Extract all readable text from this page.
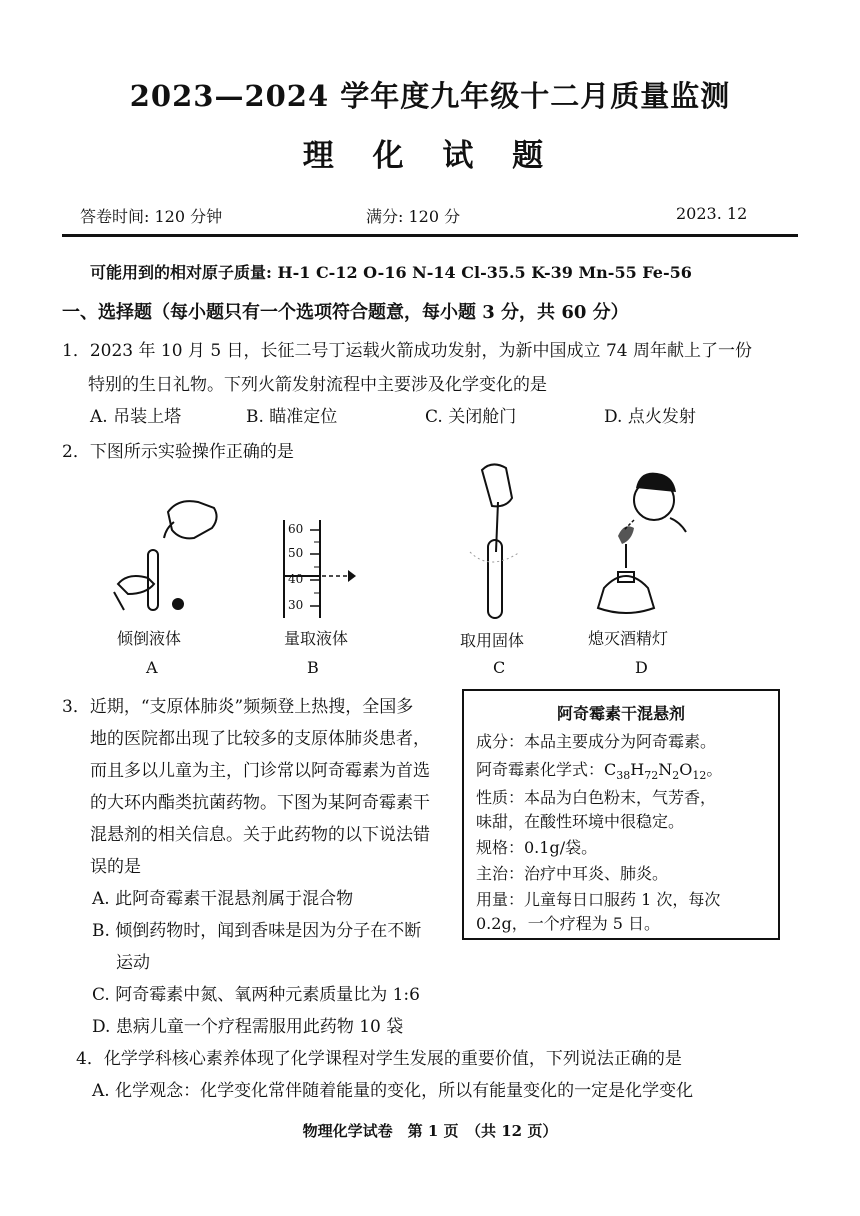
2023—2024 学年度九年级十二月质量监测
理 化 试 题
答卷时间: 120 分钟	满分: 120 分	2023. 12
可能用到的相对原子质量: H-1 C-12 O-16 N-14 Cl-35.5 K-39 Mn-55 Fe-56
一、选择题（每小题只有一个选项符合题意，每小题 3 分，共 60 分）
1．2023 年 10 月 5 日，长征二号丁运载火箭成功发射，为新中国成立 74 周年献上了一份
特别的生日礼物。下列火箭发射流程中主要涉及化学变化的是
A. 吊装上塔	B. 瞄准定位	C. 关闭舱门	D. 点火发射
2．下图所示实验操作正确的是
倾倒液体
A
60
50
40
30
量取液体
B
取用固体
C
熄灭酒精灯
D
3．近期，“支原体肺炎”频频登上热搜，全国多
地的医院都出现了比较多的支原体肺炎患者，
而且多以儿童为主，门诊常以阿奇霉素为首选
的大环内酯类抗菌药物。下图为某阿奇霉素干
混悬剂的相关信息。关于此药物的以下说法错
误的是
A. 此阿奇霉素干混悬剂属于混合物
B. 倾倒药物时，闻到香味是因为分子在不断
运动
C. 阿奇霉素中氮、氧两种元素质量比为 1:6
D. 患病儿童一个疗程需服用此药物 10 袋
阿奇霉素干混悬剂
成分：本品主要成分为阿奇霉素。
阿奇霉素化学式：$C_{38}H_{72}N_2O_{12}$。
性质：本品为白色粉末，气芳香，
味甜，在酸性环境中很稳定。
规格：0.1g/袋。
主治：治疗中耳炎、肺炎。
用量：儿童每日口服药 1 次，每次
0.2g，一个疗程为 5 日。
4．化学学科核心素养体现了化学课程对学生发展的重要价值，下列说法正确的是
A. 化学观念：化学变化常伴随着能量的变化，所以有能量变化的一定是化学变化
物理化学试卷　第 1 页　（共 12 页）
